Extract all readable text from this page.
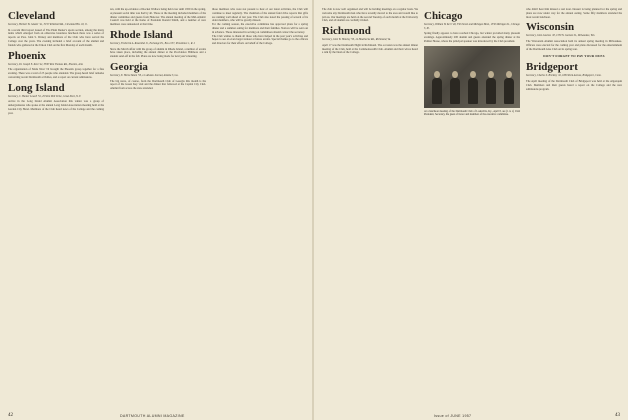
Cleveland
Secretary, Herbert B. Glazier '41, 3155 Whitehall Rd., Cleveland Hts. 18, O.
In a recent third report issued of The Plain Dealer's sports section, among the many items which emerged from an otherwise lusterless luncheon there was a series of reports on Pres. John S. Dickey and members of the Club who have served the College over the years. The evening included a brief account of the alumni and friends who gathered at the Union Club on the first Monday of each month.
Phoenix
Secretary, Dr. Joseph E. Kent '42, 3300 West Thomas Rd., Phoenix, Ariz.
The organization of Mark West '19 brought the Phoenix group together for a fine evening. There was a total of 25 people who attended. The group heard brief remarks concerning recent Dartmouth activities, and a report on current admissions.
Long Island
Secretary, C. Hunter Lowell '52, 29 West Mill Drive, Great Neck, N. Y.
Active in the Long Island Alumni Association this winter was a group of undergraduates who spoke at the annual Long Island Association meeting held at the Garden City Hotel. Members of the Club heard news of the College and the coming year.
ton, with the up-evidence of Rocket Wallace being held over until 1959 in the spring. A pleasant social time was had by all. Those at the meeting included members of the dinner committee and guests from Hanover. The annual meeting of the Mid-Atlantic Council was held at the home of President Ronald Smith, and a number of new members were announced at that time.
Rhode Island
Secretary, Frederick A. Rosenthal Jr., Exchange Pl., Box 1257, Providence 1, R. I.
Since the March affair with the group of alumni in Rhode Island, a number of events have taken place, including the annual dinner at the Providence Biltmore and a student send-off in the fall. Plans are now being made for next year's meeting.
Georgia
Secretary, E. Horne Mann '50, c/o Atlanta Journal, Atlanta 3, Ga.
The big news, of course, from the Dartmouth Club of Georgia this month is the report of the Green Key visit and the dinner that followed at the Capital City Club. Alumni from across the state attended.
those members who were not present to hear of our latest activities, the Club will continue to meet regularly. The chairman of the annual fund drive reports that gifts are running well ahead of last year. The Club also noted the passing of several of its older members, who will be greatly missed.
For the coming season, the executive committee has approved plans for a spring dinner and a summer outing for members and their families. Notices will be sent out in advance. Those interested in serving on committees should contact the secretary.
The Club wishes to thank all those who have helped in the past year's activities and hopes to see an even larger turnout at future events. Special thanks go to the officers and directors for their efforts on behalf of the College.
42	DARTMOUTH ALUMNI MAGAZINE
The club is now well organized and will be holding meetings on a regular basis. We welcome any Dartmouth men who have recently moved to the area and would like to join us. Our meetings are held on the second Tuesday of each month at the University Club, and all alumni are cordially invited.
Richmond
Secretary, John W. Hensley '50, 14 Hawthorne Rd., Richmond, Va.
April 17 was the Dartmouth Night in Richmond. The occasion was the annual dinner meeting of the Club, held at the Commonwealth Club. Alumni and their wives heard a talk by the Dean of the College.
Chicago
Secretary, William W. Kerr '48, 55th Street and Michigan Blvd., 1350 Michigan St., Chicago 3, Ill.
Spring finally appears to have reached Chicago, but winter provided many pleasant evenings. Approximately 200 alumni and guests attended the spring dinner at the Palmer House, where the principal speaker was introduced by the Club president.
At a luncheon meeting of the Dartmouth Club of Louisville, Ky., April 8, are (l. to r.) Club President, Secretary, the guest of honor and members of the executive committee.
who didn't hear him missed a real treat. Dessert is being planned for the spring and plans are now under way for the annual outing. Some fifty members attended the most recent luncheon.
Wisconsin
Secretary, John Lawless '43, 1350 N. Jackson St., Milwaukee, Wis.
The Wisconsin Alumni Association held its annual spring meeting in Milwaukee. Officers were elected for the coming year and plans discussed for the entertainment of the Dartmouth Glee Club on its spring tour.
DON'T FORGET TO PAY YOUR DUES
Bridgeport
Secretary, Charles S. Brickley '42, 1800 Park Avenue, Bridgeport, Conn.
The April meeting of the Dartmouth Club of Bridgeport was held at the Algonquin Club. Members and their guests heard a report on the College and the new admissions program.
Issue of JUNE 1957	43
